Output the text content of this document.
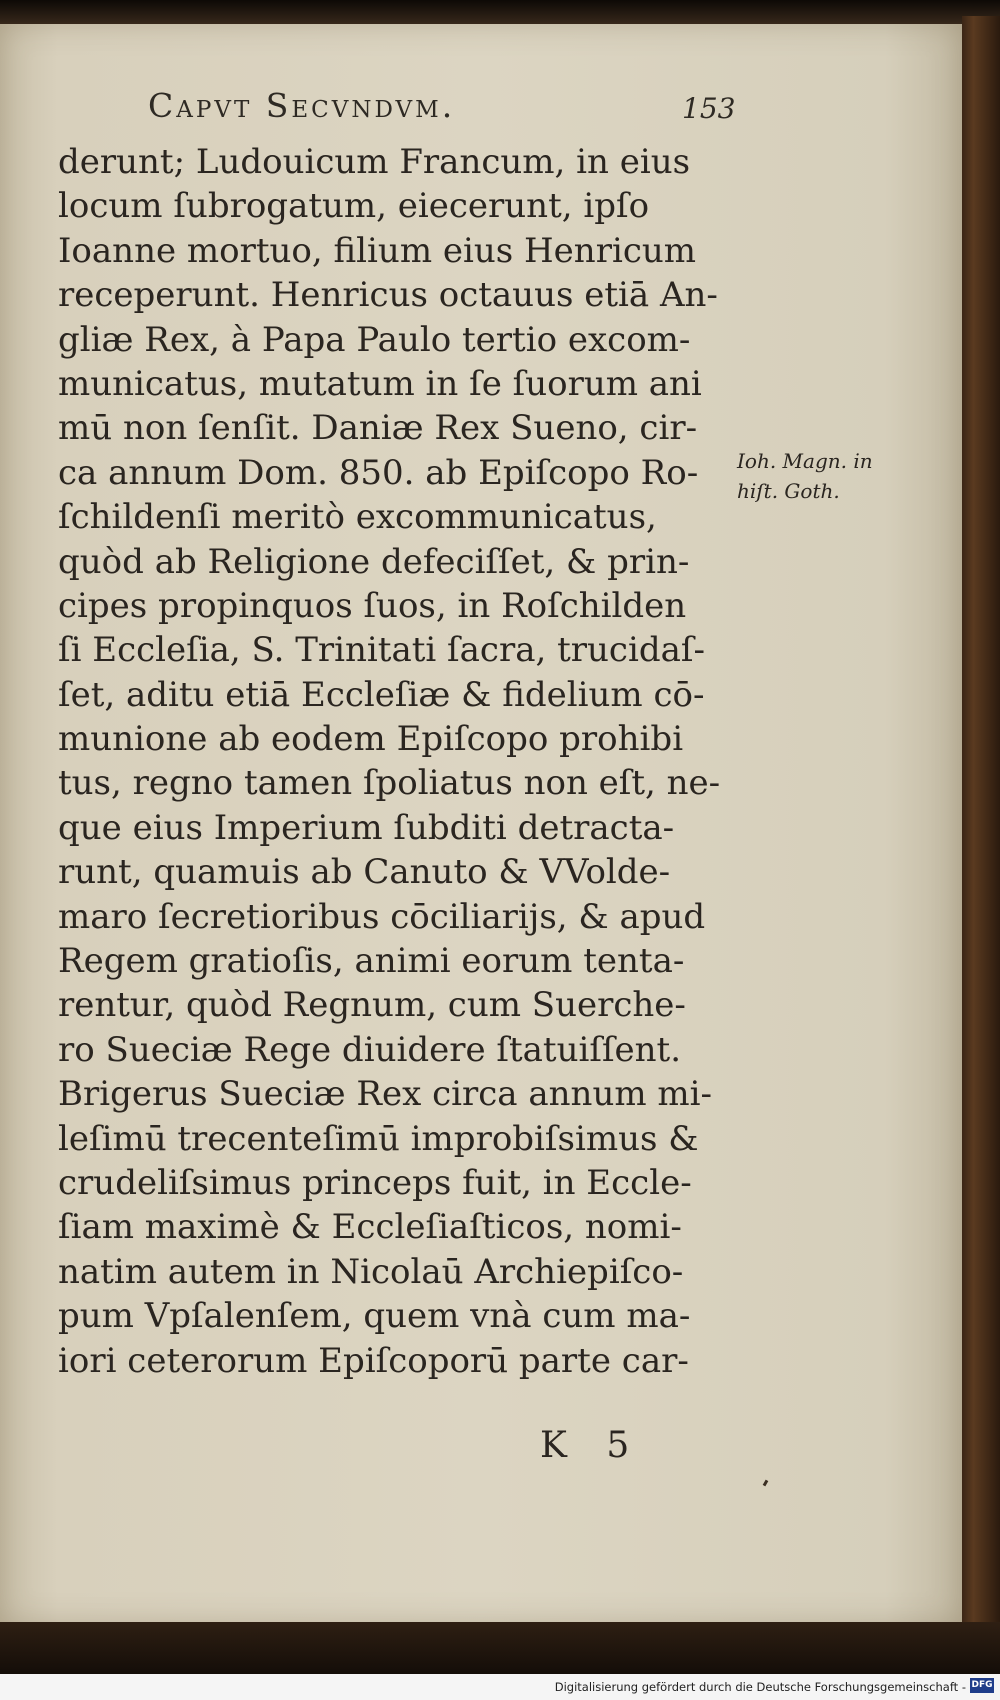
Capvt Secvndvm.	153
derunt; Ludouicum Francum, in eius
locum ſubrogatum, eiecerunt, ipſo
Ioanne mortuo, filium eius Henricum
receperunt. Henricus octauus etiā An-
gliæ Rex, à Papa Paulo tertio excom-
municatus, mutatum in ſe ſuorum ani
mū non ſenſit. Daniæ Rex Sueno, cir-
ca annum Dom. 850. ab Epiſcopo Ro-
ſchildenſi meritò excommunicatus,
quòd ab Religione defeciſſet, & prin-
cipes propinquos ſuos, in Roſchilden
ſi Eccleſia, S. Trinitati ſacra, trucidaſ-
ſet, aditu etiā Eccleſiæ & fidelium cō-
munione ab eodem Epiſcopo prohibi
tus, regno tamen ſpoliatus non eſt, ne-
que eius Imperium ſubditi detracta-
runt, quamuis ab Canuto & VVolde-
maro ſecretioribus cōciliarijs, & apud
Regem gratioſis, animi eorum tenta-
rentur, quòd Regnum, cum Suerche-
ro Sueciæ Rege diuidere ſtatuiſſent.
Brigerus Sueciæ Rex circa annum mi-
leſimū trecenteſimū improbiſsimus &
crudeliſsimus princeps fuit, in Eccle-
ſiam maximè & Eccleſiaſticos, nomi-
natim autem in Nicolaū Archiepiſco-
pum Vpſalenſem, quem vnà cum ma-
iori ceterorum Epiſcoporū parte car-
Ioh. Magn. in
hiſt. Goth.
K 5
Digitalisierung gefördert durch die Deutsche Forschungsgemeinschaft - DFG
